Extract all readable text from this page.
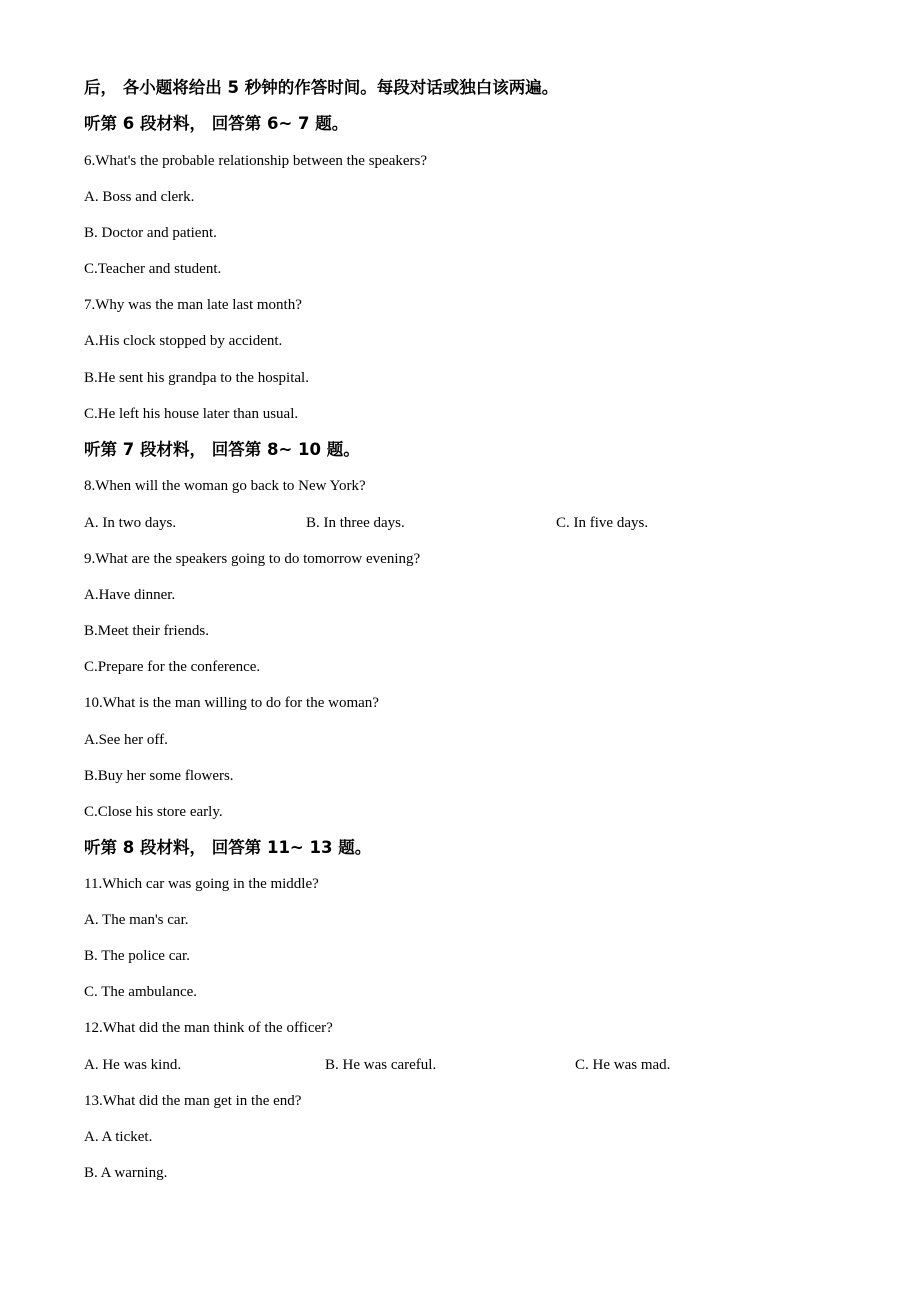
后， 各小题将给出 5 秒钟的作答时间。每段对话或独白该两遍。
听第 6 段材料， 回答第 6~ 7 题。
6.What's the probable relationship between the speakers?
A. Boss and clerk.
B. Doctor and patient.
C.Teacher and student.
7.Why was the man late last month?
A.His clock stopped by accident.
B.He sent his grandpa to the hospital.
C.He left his house later than usual.
听第 7 段材料， 回答第 8~ 10 题。
8.When will the woman go back to New York?
A. In two days.	B. In three days.	C. In five days.
9.What are the speakers going to do tomorrow evening?
A.Have dinner.
B.Meet their friends.
C.Prepare for the conference.
10.What is the man willing to do for the woman?
A.See her off.
B.Buy her some flowers.
C.Close his store early.
听第 8 段材料， 回答第 11~ 13 题。
11.Which car was going in the middle?
A. The man's car.
B. The police car.
C. The ambulance.
12.What did the man think of the officer?
A. He was kind.	B. He was careful.	C. He was mad.
13.What did the man get in the end?
A. A ticket.
B. A warning.
